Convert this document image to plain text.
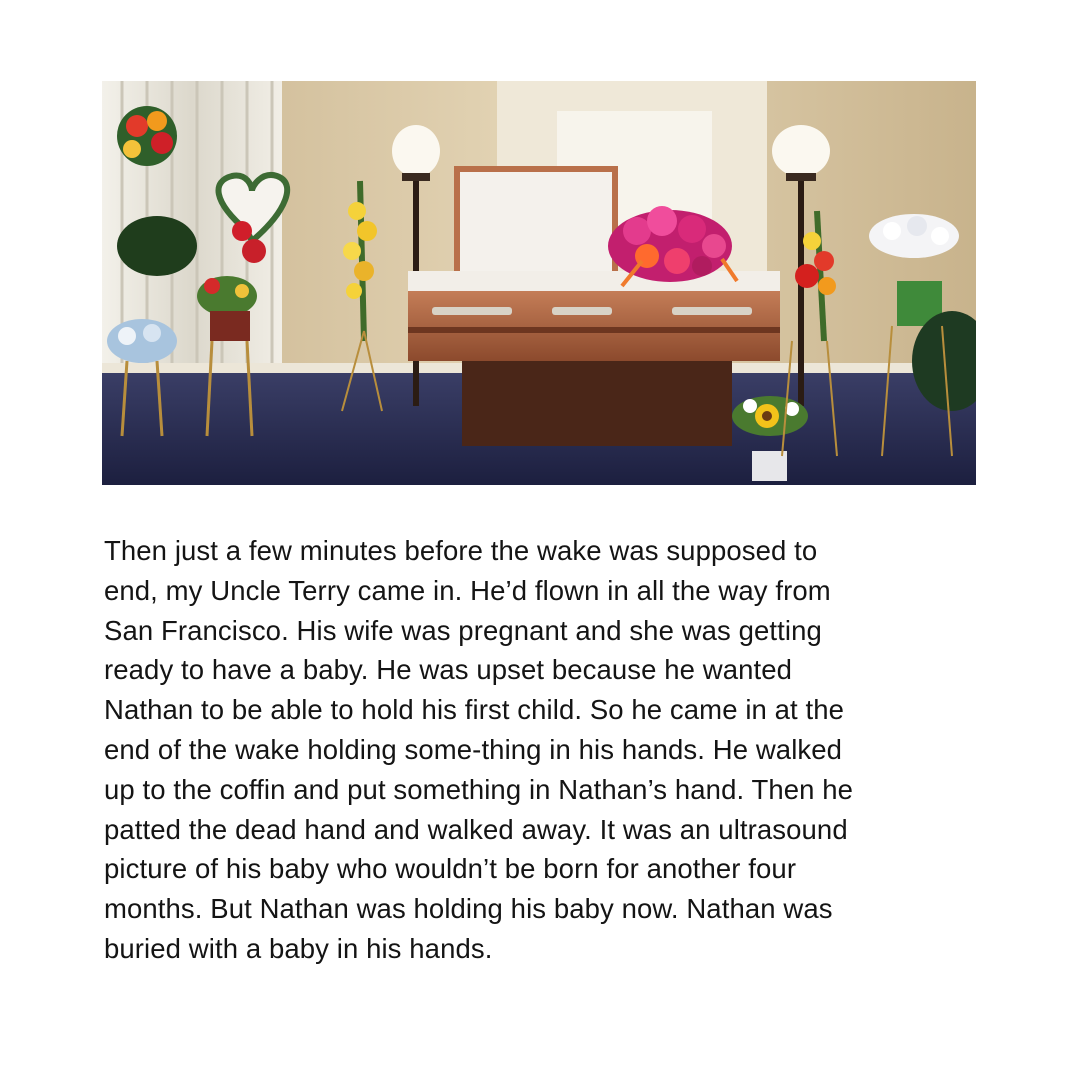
Then just a few minutes before the wake was supposed to
end, my Uncle Terry came in. He’d flown in all the way from
San Francisco. His wife was pregnant and she was getting
ready to have a baby. He was upset because he wanted
Nathan to be able to hold his first child. So he came in at the
end of the wake holding some-thing in his hands. He walked
up to the coffin and put something in Nathan’s hand. Then he
patted the dead hand and walked away. It was an ultrasound
picture of his baby who wouldn’t be born for another four
months. But Nathan was holding his baby now. Nathan was
buried with a baby in his hands.
